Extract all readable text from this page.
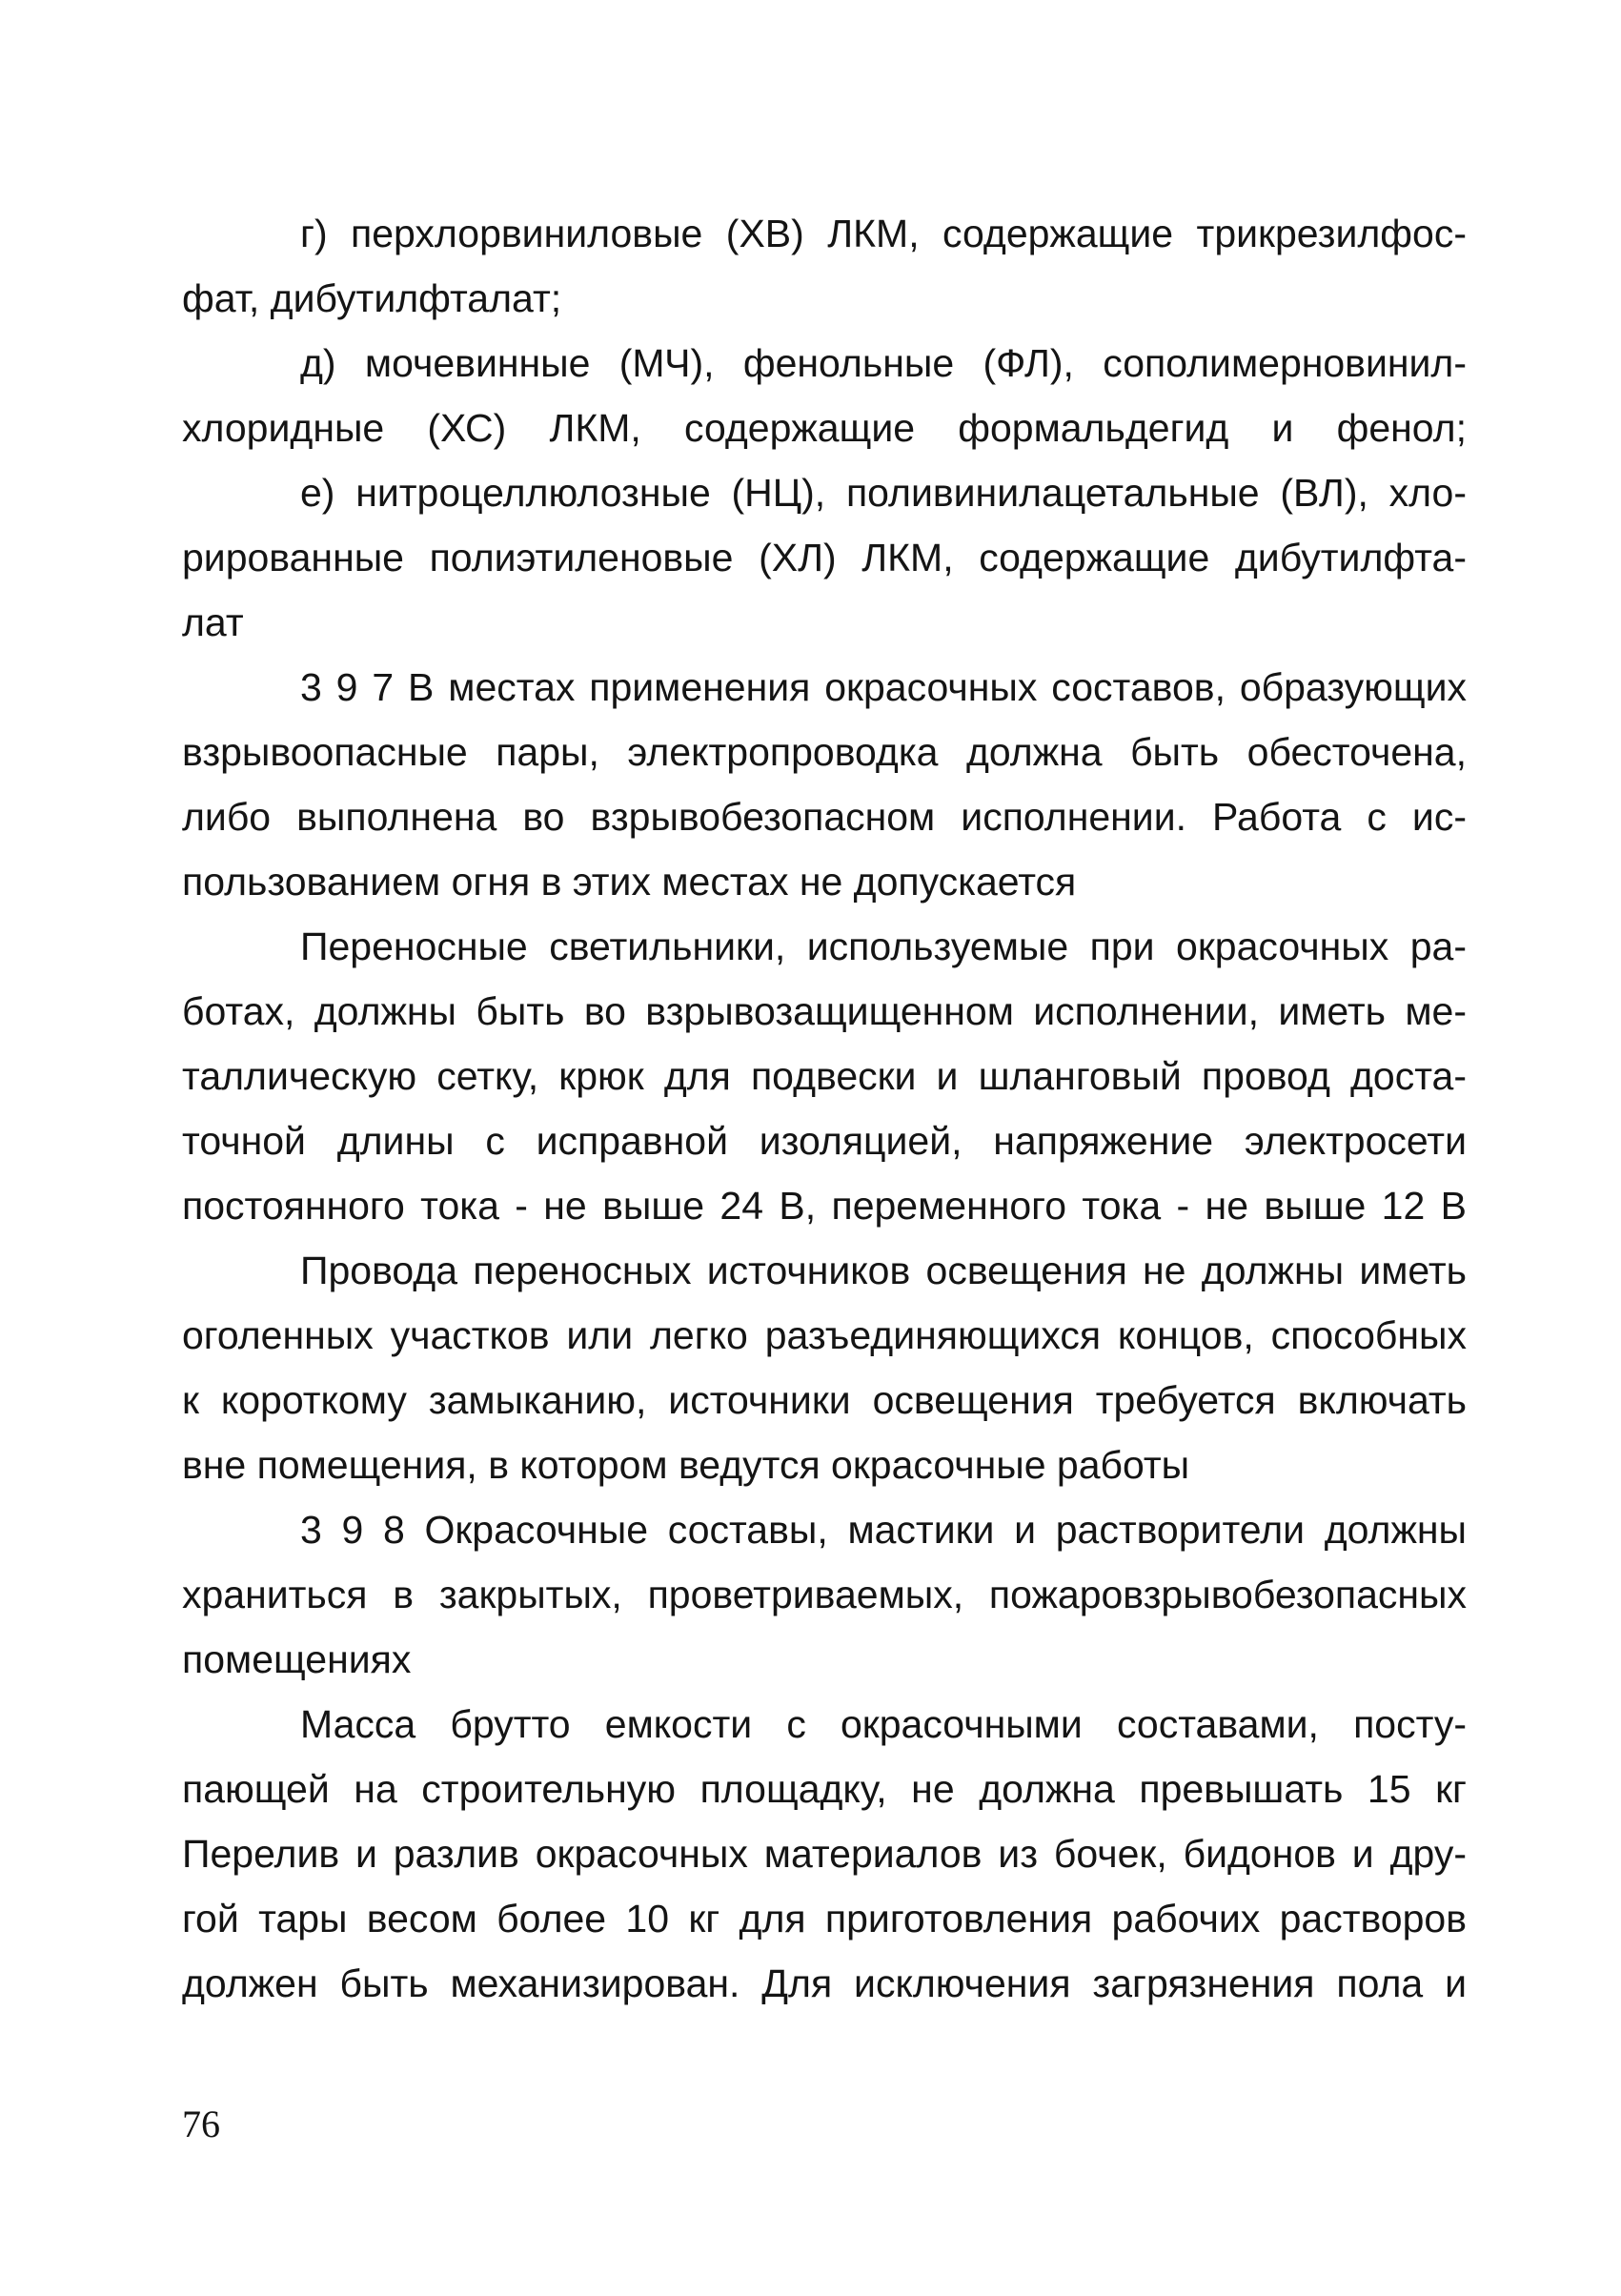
г) перхлорвиниловые (ХВ) ЛКМ, содержащие трикрезилфос-
фат, дибутилфталат;
д) мочевинные (МЧ), фенольные (ФЛ), сополимерновинил-
хлоридные (ХС) ЛКМ, содержащие формальдегид и фенол;
е) нитроцеллюлозные (НЦ), поливинилацетальные (ВЛ), хло-
рированные полиэтиленовые (ХЛ) ЛКМ, содержащие дибутилфта-
лат
3 9 7 В местах применения окрасочных составов, образующих
взрывоопасные пары, электропроводка должна быть обесточена,
либо выполнена во взрывобезопасном исполнении. Работа с ис-
пользованием огня в этих местах не допускается
Переносные светильники, используемые при окрасочных ра-
ботах, должны быть во взрывозащищенном исполнении, иметь ме-
таллическую сетку, крюк для подвески и шланговый провод доста-
точной длины с исправной изоляцией, напряжение электросети
постоянного тока - не выше 24 В, переменного тока - не выше 12 В
Провода переносных источников освещения не должны иметь
оголенных участков или легко разъединяющихся концов, способных
к короткому замыканию, источники освещения требуется включать
вне помещения, в котором ведутся окрасочные работы
3 9 8 Окрасочные составы, мастики и растворители должны
храниться в закрытых, проветриваемых, пожаровзрывобезопасных
помещениях
Масса брутто емкости с окрасочными составами, посту-
пающей на строительную площадку, не должна превышать 15 кг
Перелив и разлив окрасочных материалов из бочек, бидонов и дру-
гой тары весом более 10 кг для приготовления рабочих растворов
должен быть механизирован. Для исключения загрязнения пола и
76
